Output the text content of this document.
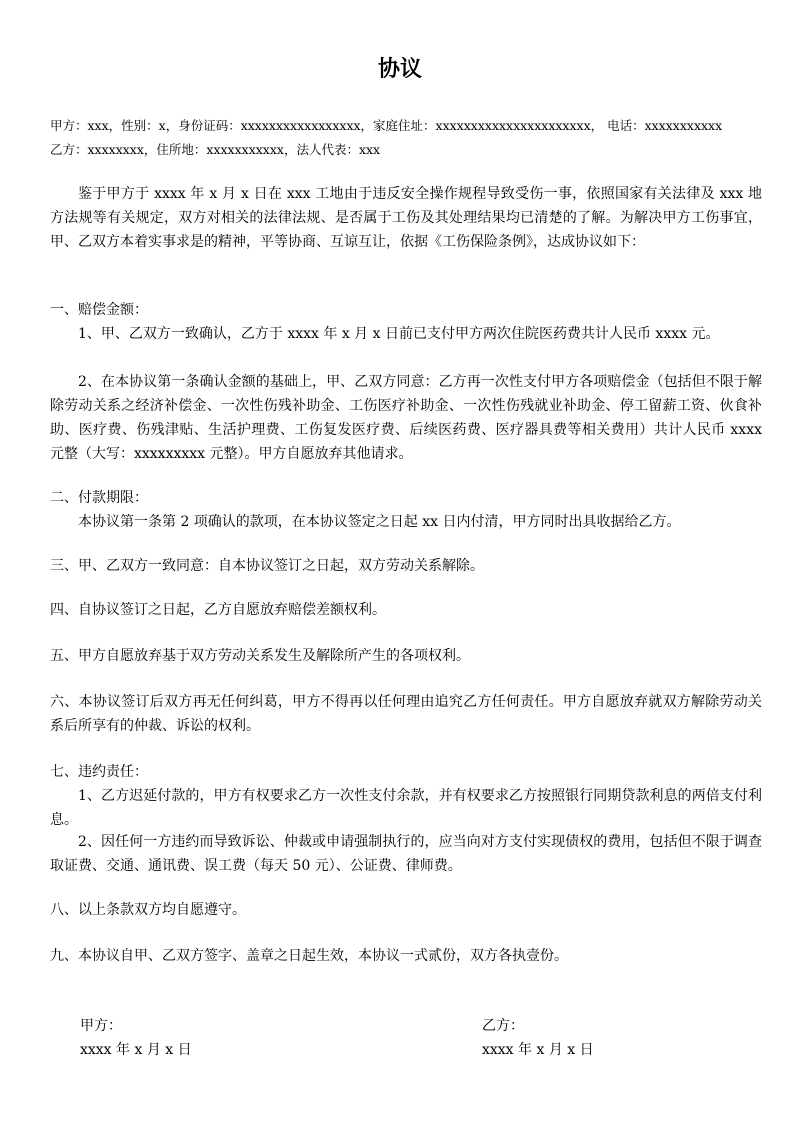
协议
甲方：xxx，性别：x，身份证码：xxxxxxxxxxxxxxxxx，家庭住址：xxxxxxxxxxxxxxxxxxxxxx， 电话：xxxxxxxxxxx
乙方：xxxxxxxx，住所地：xxxxxxxxxxx，法人代表：xxx
鉴于甲方于 xxxx 年 x 月 x 日在 xxx 工地由于违反安全操作规程导致受伤一事，依照国家有关法律及 xxx 地方法规等有关规定，双方对相关的法律法规、是否属于工伤及其处理结果均已清楚的了解。为解决甲方工伤事宜，甲、乙双方本着实事求是的精神，平等协商、互谅互让，依据《工伤保险条例》，达成协议如下：
一、赔偿金额：
1、甲、乙双方一致确认，乙方于 xxxx 年 x 月 x 日前已支付甲方两次住院医药费共计人民币 xxxx 元。
2、在本协议第一条确认金额的基础上，甲、乙双方同意：乙方再一次性支付甲方各项赔偿金（包括但不限于解除劳动关系之经济补偿金、一次性伤残补助金、工伤医疗补助金、一次性伤残就业补助金、停工留薪工资、伙食补助、医疗费、伤残津贴、生活护理费、工伤复发医疗费、后续医药费、医疗器具费等相关费用）共计人民币 xxxx 元整（大写：xxxxxxxxx 元整）。甲方自愿放弃其他请求。
二、付款期限：
本协议第一条第 2 项确认的款项，在本协议签定之日起 xx 日内付清，甲方同时出具收据给乙方。
三、甲、乙双方一致同意：自本协议签订之日起，双方劳动关系解除。
四、自协议签订之日起，乙方自愿放弃赔偿差额权利。
五、甲方自愿放弃基于双方劳动关系发生及解除所产生的各项权利。
六、本协议签订后双方再无任何纠葛，甲方不得再以任何理由追究乙方任何责任。甲方自愿放弃就双方解除劳动关系后所享有的仲裁、诉讼的权利。
七、违约责任：
1、乙方迟延付款的，甲方有权要求乙方一次性支付余款，并有权要求乙方按照银行同期贷款利息的两倍支付利息。
2、因任何一方违约而导致诉讼、仲裁或申请强制执行的，应当向对方支付实现债权的费用，包括但不限于调查取证费、交通、通讯费、误工费（每天 50 元）、公证费、律师费。
八、以上条款双方均自愿遵守。
九、本协议自甲、乙双方签字、盖章之日起生效，本协议一式贰份，双方各执壹份。
甲方：
xxxx 年 x 月 x 日
乙方：
xxxx 年 x 月 x 日
